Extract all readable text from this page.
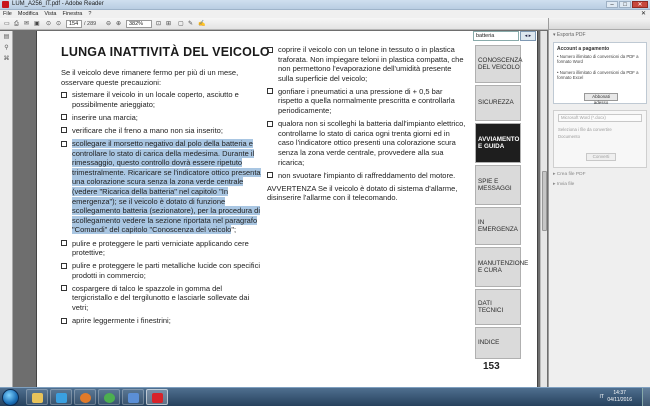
LUM_A256_IT.pdf - Adobe Reader	–	□	✕
File Modifica Vista Finestra ?	✕
▭ ⎙ ✉ ▣ ⊙ ⊙	154	/ 289 ⊖ ⊕	382%	⊡ ⊞ ▢ ✎ ✍
▤
⚲
⌘	LUNGA INATTIVITÀ DEL VEICOLO

Se il veicolo deve rimanere fermo per più di un mese, osservare queste precauzioni:

sistemare il veicolo in un locale coperto, asciutto e possibilmente arieggiato;
inserire una marcia;
verificare che il freno a mano non sia inserito;
scollegare il morsetto negativo dal polo della batteria e controllare lo stato di carica della medesima. Durante il rimessaggio, questo controllo dovrà essere ripetuto trimestralmente. Ricaricare se l'indicatore ottico presenta una colorazione scura senza la zona verde centrale (vedere "Ricarica della batteria" nel capitolo "In emergenza"); se il veicolo è dotato di funzione scollegamento batteria (sezionatore), per la procedura di scollegamento vedere la sezione riportata nel paragrafo "Comandi" del capitolo "Conoscenza del veicolo";
pulire e proteggere le parti verniciate applicando cere protettive;
pulire e proteggere le parti metalliche lucide con specifici prodotti in commercio;
cospargere di talco le spazzole in gomma del tergicristallo e del tergilunotto e lasciarle sollevate dai vetri;
aprire leggermente i finestrini;
coprire il veicolo con un telone in tessuto o in plastica traforata. Non impiegare teloni in plastica compatta, che non permettono l'evaporazione dell'umidità presente sulla superficie del veicolo;
gonfiare i pneumatici a una pressione di + 0,5 bar rispetto a quella normalmente prescritta e controllarla periodicamente;
qualora non si scolleghi la batteria dall'impianto elettrico, controllarne lo stato di carica ogni trenta giorni ed in caso l'indicatore ottico presenti una colorazione scura senza la zona verde centrale, provvedere alla sua ricarica;
non svuotare l'impianto di raffreddamento del motore.

AVVERTENZA Se il veicolo è dotato di sistema d'allarme, disinserire l'allarme con il telecomando.

batteria	◂ ▸
CONOSCENZA DEL VEICOLO
SICUREZZA
AVVIAMENTO E GUIDA
SPIE E MESSAGGI
IN EMERGENZA
MANUTENZIONE E CURA
DATI TECNICI
INDICE
153
▾ Esporta PDF
Account a pagamento
• Numero illimitato di conversioni da PDF a formato Word
• Numero illimitato di conversioni da PDF a formato Excel
Abbonati adesso
Microsoft Word (*.docx)
Seleziona i file da convertire
Documento
Converti
▸ Crea file PDF
▸ Invia file
IT
14:37
04/11/2016
